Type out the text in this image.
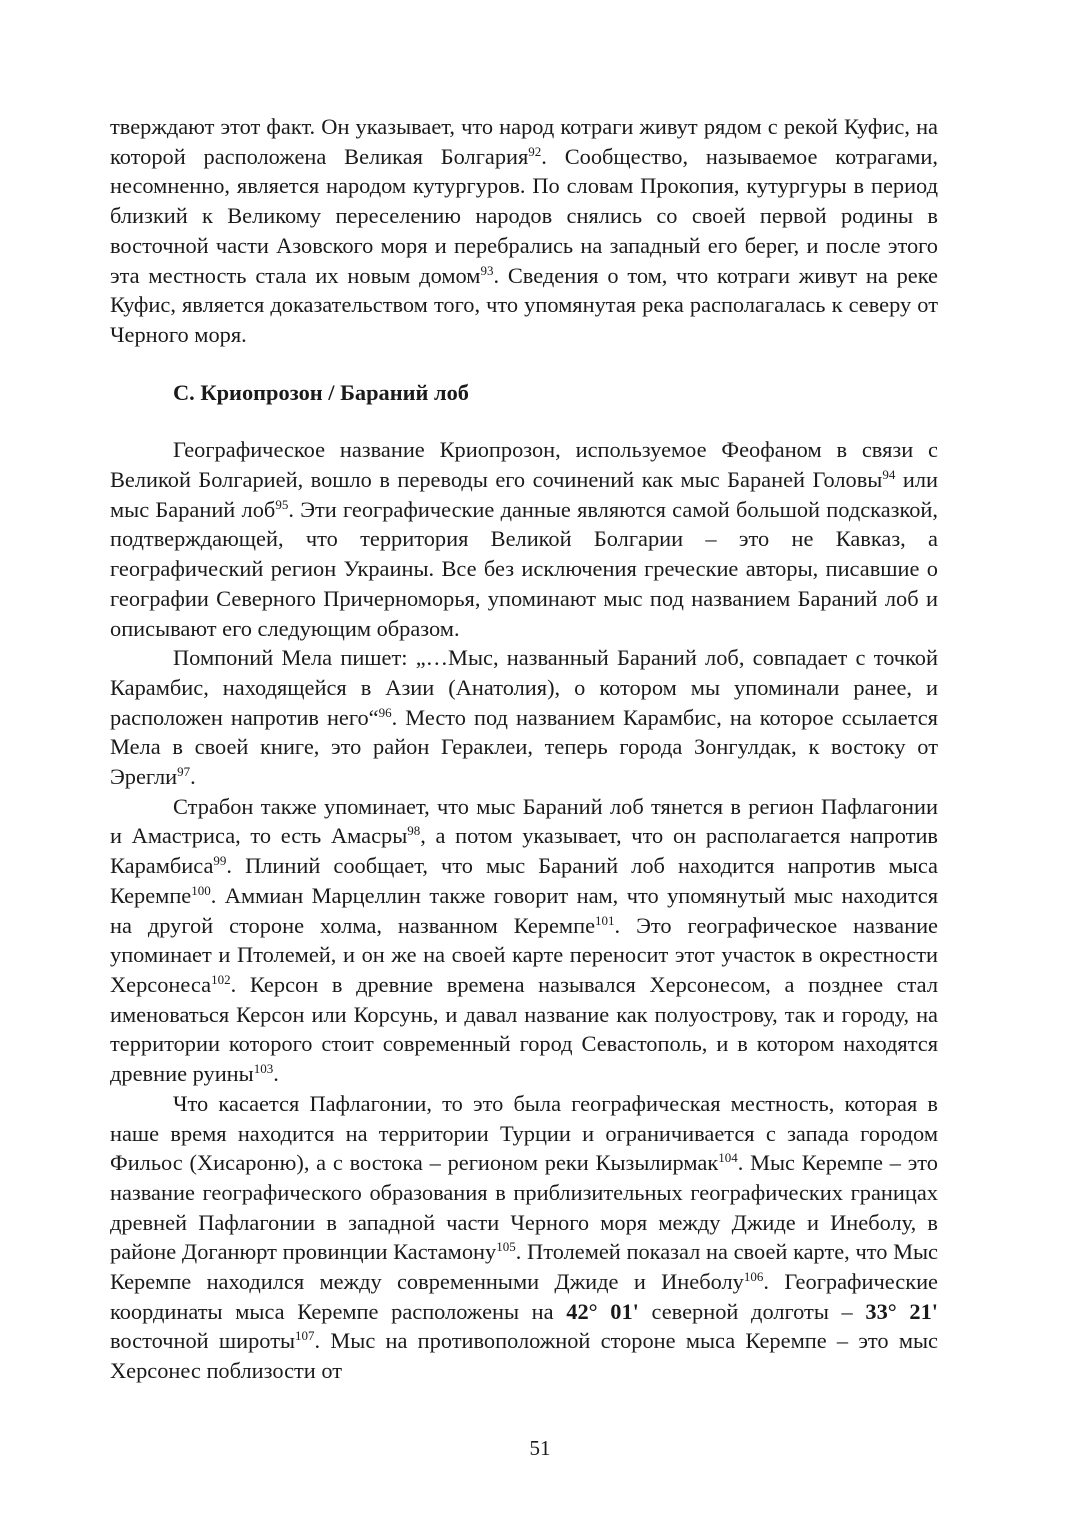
тверждают этот факт. Он указывает, что народ котраги живут рядом с рекой Куфис, на которой расположена Великая Болгария$^{92}$. Сообщество, называемое котрагами, несомненно, является народом кутургуров. По словам Прокопия, кутургуры в период близкий к Великому переселению народов снялись со своей первой родины в восточной части Азовского моря и перебрались на западный его берег, и после этого эта местность стала их новым домом$^{93}$. Сведения о том, что котраги живут на реке Куфис, является доказательством того, что упомянутая река располагалась к северу от Черного моря.

C. Криопрозон / Бараний лоб

Географическое название Криопрозон, используемое Феофаном в связи с Великой Болгарией, вошло в переводы его сочинений как мыс Бараней Головы$^{94}$ или мыс Бараний лоб$^{95}$. Эти географические данные являются самой большой подсказкой, подтверждающей, что территория Великой Болгарии – это не Кавказ, а географический регион Украины. Все без исключения греческие авторы, писавшие о географии Северного Причерноморья, упоминают мыс под названием Бараний лоб и описывают его следующим образом.

Помпоний Мела пишет: „…Мыс, названный Бараний лоб, совпадает с точкой Карамбис, находящейся в Азии (Анатолия), о котором мы упоминали ранее, и расположен напротив него“$^{96}$. Место под названием Карамбис, на которое ссылается Мела в своей книге, это район Гераклеи, теперь города Зонгулдак, к востоку от Эрегли$^{97}$.

Страбон также упоминает, что мыс Бараний лоб тянется в регион Пафлагонии и Амастриса, то есть Амасры$^{98}$, а потом указывает, что он располагается напротив Карамбиса$^{99}$. Плиний сообщает, что мыс Бараний лоб находится напротив мыса Керемпе$^{100}$. Аммиан Марцеллин также говорит нам, что упомянутый мыс находится на другой стороне холма, названном Керемпе$^{101}$. Это географическое название упоминает и Птолемей, и он же на своей карте переносит этот участок в окрестности Херсонеса$^{102}$. Керсон в древние времена назывался Херсонесом, а позднее стал именоваться Керсон или Корсунь, и давал название как полуострову, так и городу, на территории которого стоит современный город Севастополь, и в котором находятся древние руины$^{103}$.

Что касается Пафлагонии, то это была географическая местность, которая в наше время находится на территории Турции и ограничивается с запада городом Фильос (Хисароню), а с востока – регионом реки Кызылирмак$^{104}$. Мыс Керемпе – это название географического образования в приблизительных географических границах древней Пафлагонии в западной части Черного моря между Джиде и Инеболу, в районе Доганюрт провинции Кастамону$^{105}$. Птолемей показал на своей карте, что Мыс Керемпе находился между современными Джиде и Инеболу$^{106}$. Географические координаты мыса Керемпе расположены на 42° 01' северной долготы – 33° 21' восточной широты$^{107}$. Мыс на противоположной стороне мыса Керемпе – это мыс Херсонес поблизости от

51
